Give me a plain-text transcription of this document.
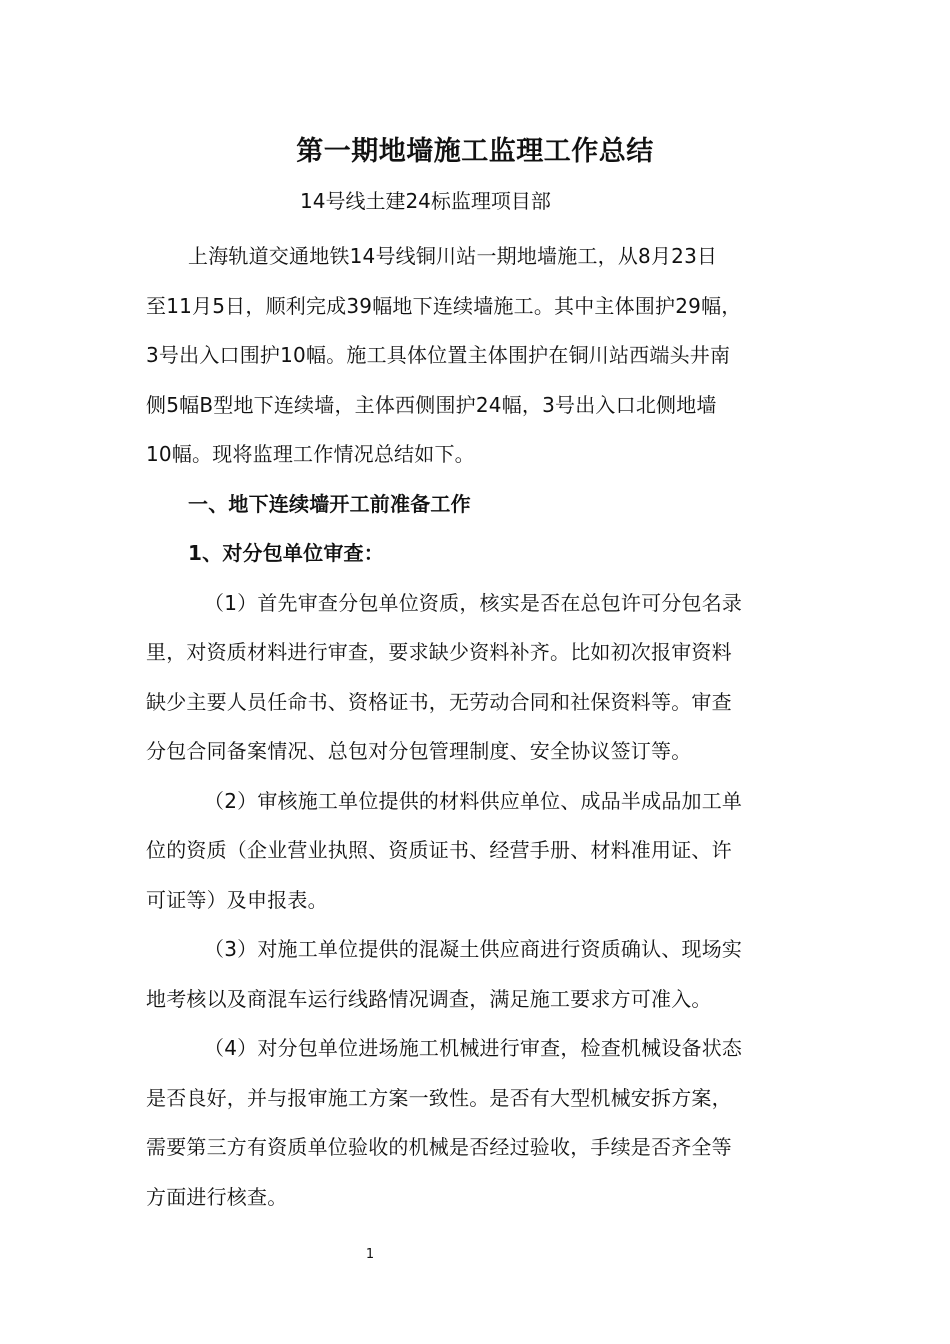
第一期地墙施工监理工作总结
14号线土建24标监理项目部
上海轨道交通地铁14号线铜川站一期地墙施工，从8月23日
至11月5日，顺利完成39幅地下连续墙施工。其中主体围护29幅，
3号出入口围护10幅。施工具体位置主体围护在铜川站西端头井南
侧5幅B型地下连续墙，主体西侧围护24幅，3号出入口北侧地墙
10幅。现将监理工作情况总结如下。
一、地下连续墙开工前准备工作
1、对分包单位审查：
（1）首先审查分包单位资质，核实是否在总包许可分包名录
里，对资质材料进行审查，要求缺少资料补齐。比如初次报审资料
缺少主要人员任命书、资格证书，无劳动合同和社保资料等。审查
分包合同备案情况、总包对分包管理制度、安全协议签订等。
（2）审核施工单位提供的材料供应单位、成品半成品加工单
位的资质（企业营业执照、资质证书、经营手册、材料准用证、许
可证等）及申报表。
（3）对施工单位提供的混凝土供应商进行资质确认、现场实
地考核以及商混车运行线路情况调查，满足施工要求方可准入。
（4）对分包单位进场施工机械进行审查，检查机械设备状态
是否良好，并与报审施工方案一致性。是否有大型机械安拆方案，
需要第三方有资质单位验收的机械是否经过验收，手续是否齐全等
方面进行核查。
1
